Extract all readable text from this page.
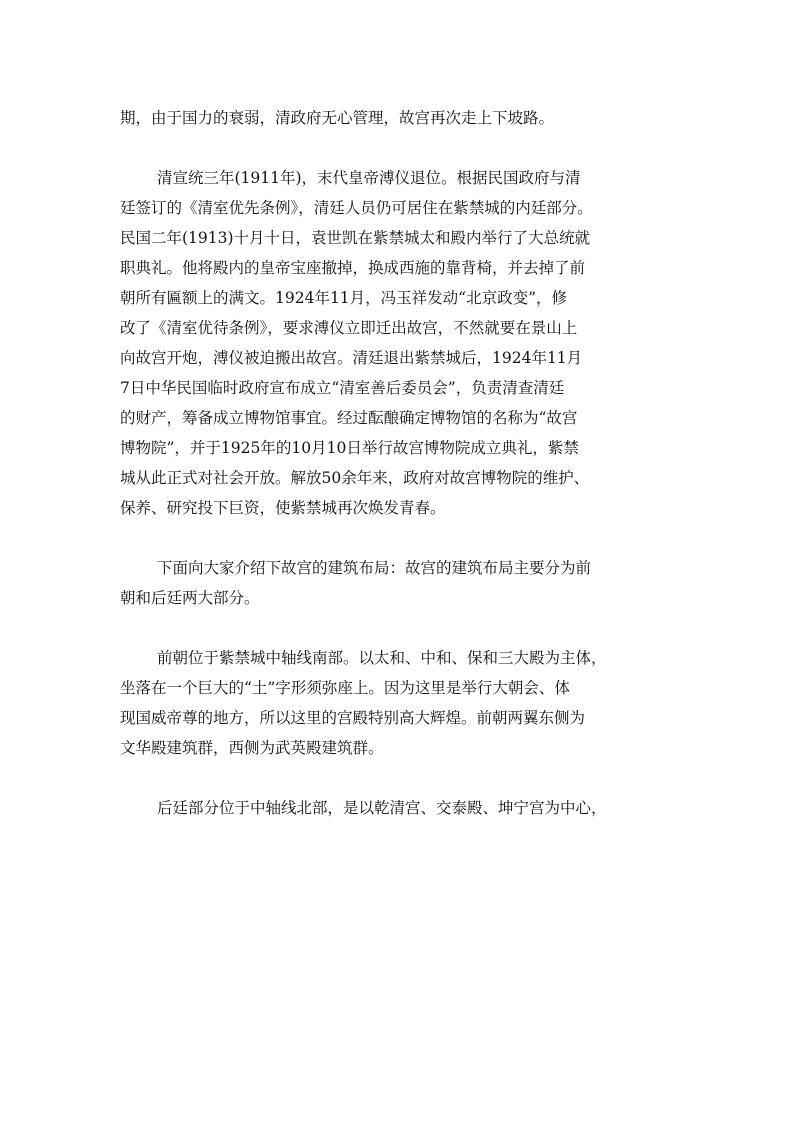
期，由于国力的衰弱，清政府无心管理，故宫再次走上下坡路。
清宣统三年(1911年)，末代皇帝溥仪退位。根据民国政府与清
廷签订的《清室优先条例》，清廷人员仍可居住在紫禁城的内廷部分。
民国二年(1913)十月十日，袁世凯在紫禁城太和殿内举行了大总统就
职典礼。他将殿内的皇帝宝座撤掉，换成西施的靠背椅，并去掉了前
朝所有匾额上的满文。1924年11月，冯玉祥发动“北京政变”，修
改了《清室优待条例》，要求溥仪立即迁出故宫，不然就要在景山上
向故宫开炮，溥仪被迫搬出故宫。清廷退出紫禁城后，1924年11月
7日中华民国临时政府宣布成立“清室善后委员会”，负责清查清廷
的财产，筹备成立博物馆事宜。经过酝酿确定博物馆的名称为“故宫
博物院”，并于1925年的10月10日举行故宫博物院成立典礼，紫禁
城从此正式对社会开放。解放50余年来，政府对故宫博物院的维护、
保养、研究投下巨资，使紫禁城再次焕发青春。
下面向大家介绍下故宫的建筑布局：故宫的建筑布局主要分为前
朝和后廷两大部分。
前朝位于紫禁城中轴线南部。以太和、中和、保和三大殿为主体，
坐落在一个巨大的“土”字形须弥座上。因为这里是举行大朝会、体
现国威帝尊的地方，所以这里的宫殿特别高大辉煌。前朝两翼东侧为
文华殿建筑群，西侧为武英殿建筑群。
后廷部分位于中轴线北部，是以乾清宫、交泰殿、坤宁宫为中心，
